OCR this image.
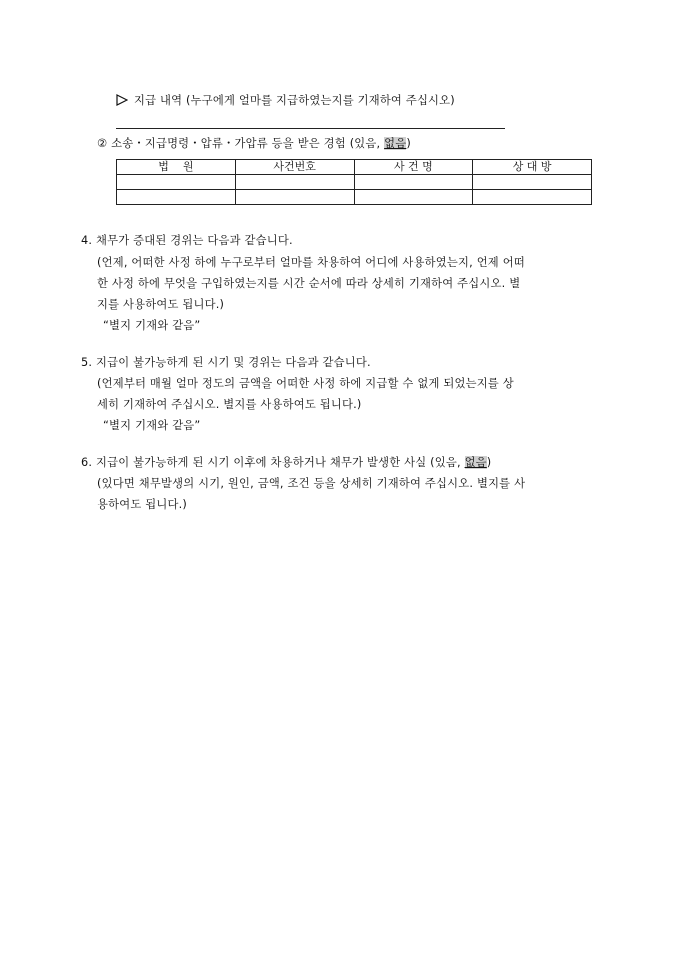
지급 내역 (누구에게 얼마를 지급하였는지를 기재하여 주십시오)
② 소송・지급명령・압류・가압류 등을 받은 경험 (있음, 없음)
법    원	사건번호	사 건 명	상 대 방

4. 채무가 증대된 경위는 다음과 같습니다.
(언제, 어떠한 사정 하에 누구로부터 얼마를 차용하여 어디에 사용하였는지, 언제 어떠
한 사정 하에 무엇을 구입하였는지를 시간 순서에 따라 상세히 기재하여 주십시오. 별
지를 사용하여도 됩니다.)
“별지 기재와 같음”
5. 지급이 불가능하게 된 시기 및 경위는 다음과 같습니다.
(언제부터 매월 얼마 정도의 금액을 어떠한 사정 하에 지급할 수 없게 되었는지를 상
세히 기재하여 주십시오. 별지를 사용하여도 됩니다.)
“별지 기재와 같음”
6. 지급이 불가능하게 된 시기 이후에 차용하거나 채무가 발생한 사실 (있음, 없음)
(있다면 채무발생의 시기, 원인, 금액, 조건 등을 상세히 기재하여 주십시오. 별지를 사
용하여도 됩니다.)
